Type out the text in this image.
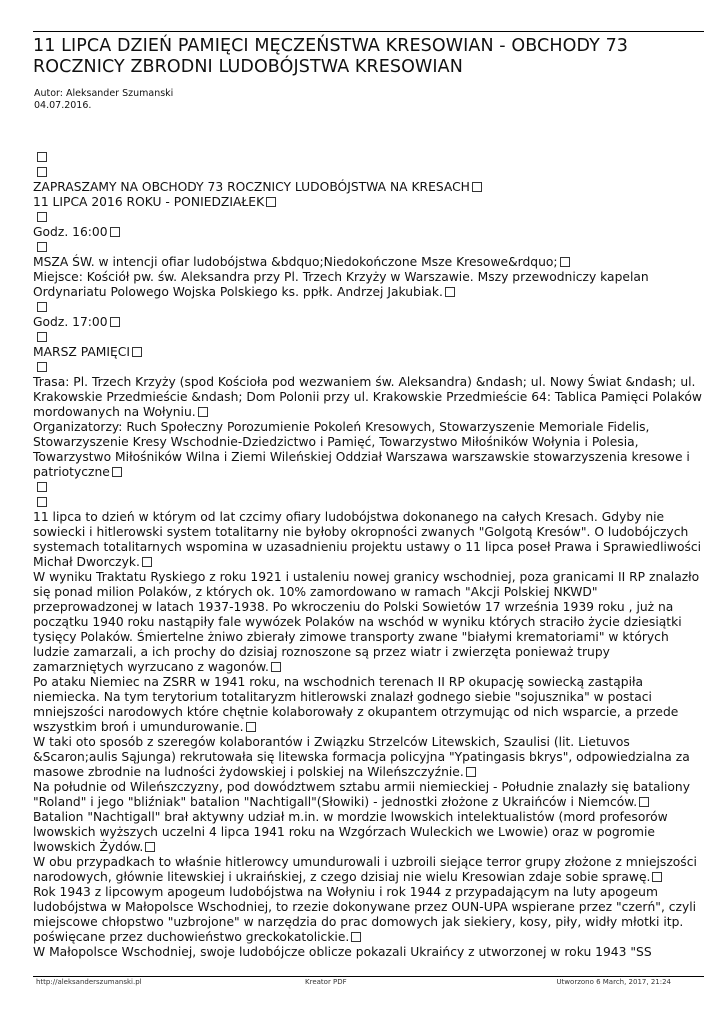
11 LIPCA DZIEŃ PAMIĘCI MĘCZEŃSTWA KRESOWIAN - OBCHODY 73 ROCZNICY ZBRODNI LUDOBÓJSTWA KRESOWIAN
Autor: Aleksander Szumanski
04.07.2016.

ZAPRASZAMY NA OBCHODY 73 ROCZNICY LUDOBÓJSTWA NA KRESACH

11 LIPCA 2016 ROKU - PONIEDZIAŁEK

Godz. 16:00

MSZA ŚW. w intencji ofiar ludobójstwa &bdquo;Niedokończone Msze Kresowe&rdquo;

Miejsce: Kościół pw. św. Aleksandra przy Pl. Trzech Krzyży w Warszawie. Mszy przewodniczy kapelan Ordynariatu Polowego Wojska Polskiego ks. ppłk. Andrzej Jakubiak.

Godz. 17:00

MARSZ PAMIĘCI

Trasa: Pl. Trzech Krzyży (spod Kościoła pod wezwaniem św. Aleksandra) &ndash; ul. Nowy Świat &ndash; ul. Krakowskie Przedmieście &ndash; Dom Polonii przy ul. Krakowskie Przedmieście 64: Tablica Pamięci Polaków mordowanych na Wołyniu.

Organizatorzy: Ruch Społeczny Porozumienie Pokoleń Kresowych, Stowarzyszenie Memoriale Fidelis, Stowarzyszenie Kresy Wschodnie-Dziedzictwo i Pamięć, Towarzystwo Miłośników Wołynia i Polesia, Towarzystwo Miłośników Wilna i Ziemi Wileńskiej Oddział Warszawa warszawskie stowarzyszenia kresowe i patriotyczne

11 lipca to dzień w którym od lat czcimy ofiary ludobójstwa dokonanego na całych Kresach. Gdyby nie sowiecki i hitlerowski system totalitarny nie byłoby okropności zwanych "Golgotą Kresów". O ludobójczych systemach totalitarnych wspomina w uzasadnieniu projektu ustawy o 11 lipca poseł Prawa i Sprawiedliwości Michał Dworczyk.

W wyniku Traktatu Ryskiego z roku 1921 i ustaleniu nowej granicy wschodniej, poza granicami II RP znalazło się ponad milion Polaków, z których ok. 10% zamordowano w ramach "Akcji Polskiej NKWD" przeprowadzonej w latach 1937-1938. Po wkroczeniu do Polski Sowietów 17 września 1939 roku , już na początku 1940 roku nastąpiły fale wywózek Polaków na wschód w wyniku których straciło życie dziesiątki tysięcy Polaków. Śmiertelne żniwo zbierały zimowe transporty zwane "białymi krematoriami" w których ludzie zamarzali, a ich prochy do dzisiaj roznoszone są przez wiatr i zwierzęta ponieważ trupy zamarzniętych wyrzucano z wagonów.

Po ataku Niemiec na ZSRR w 1941 roku, na wschodnich terenach II RP okupację sowiecką zastąpiła niemiecka. Na tym terytorium totalitaryzm hitlerowski znalazł godnego siebie "sojusznika" w postaci mniejszości narodowych które chętnie kolaborowały z okupantem otrzymując od nich wsparcie, a przede wszystkim broń i umundurowanie.

W taki oto sposób z szeregów kolaborantów i Związku Strzelców Litewskich, Szaulisi (lit. Lietuvos &Scaron;aulis Sąjunga) rekrutowała się litewska formacja policyjna "Ypatingasis bkrys", odpowiedzialna za masowe zbrodnie na ludności żydowskiej i polskiej na Wileńszczyźnie.

Na południe od Wileńszczyzny, pod dowództwem sztabu armii niemieckiej - Południe znalazły się bataliony "Roland" i jego "bliźniak" batalion "Nachtigall"(Słowiki) - jednostki złożone z Ukraińców i Niemców.

Batalion "Nachtigall" brał aktywny udział m.in. w mordzie lwowskich intelektualistów (mord profesorów lwowskich wyższych uczelni 4 lipca 1941 roku na Wzgórzach Wuleckich we Lwowie) oraz w pogromie lwowskich Żydów.

W obu przypadkach to właśnie hitlerowcy umundurowali i uzbroili siejące terror grupy złożone z mniejszości narodowych, głównie litewskiej i ukraińskiej, z czego dzisiaj nie wielu Kresowian zdaje sobie sprawę.

Rok 1943 z lipcowym apogeum ludobójstwa na Wołyniu i rok 1944 z przypadającym na luty apogeum ludobójstwa w Małopolsce Wschodniej, to rzezie dokonywane przez OUN-UPA wspierane przez "czerń", czyli miejscowe chłopstwo "uzbrojone" w narzędzia do prac domowych jak siekiery, kosy, piły, widły młotki itp. poświęcane przez duchowieństwo greckokatolickie.

W Małopolsce Wschodniej, swoje ludobójcze oblicze pokazali Ukraińcy z utworzonej w roku 1943 "SS

http://aleksanderszumanski.pl	Kreator PDF	Utworzono 6 March, 2017, 21:24
